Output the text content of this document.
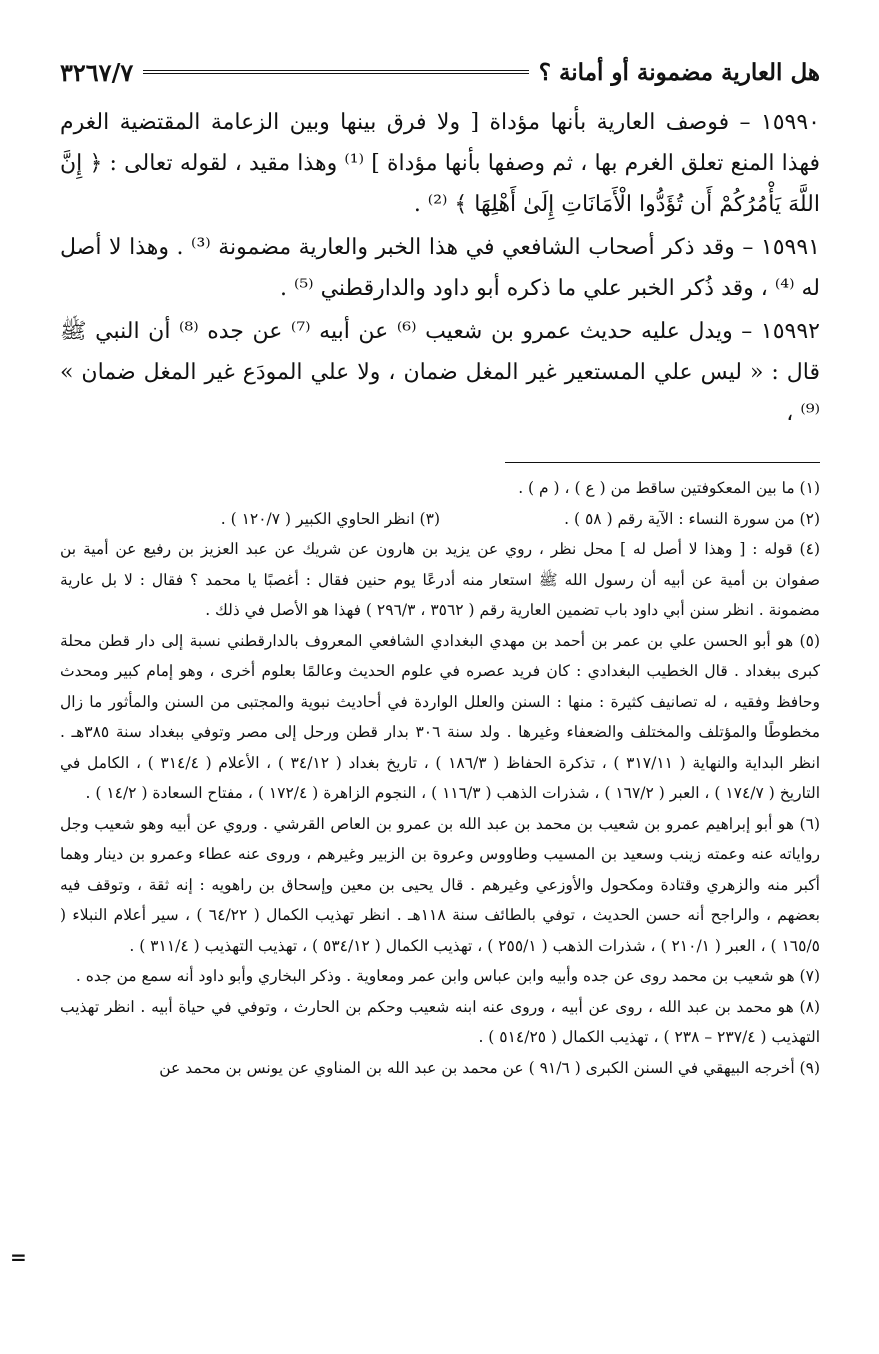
هل العارية مضمونة أو أمانة ؟
٣٢٦٧/٧

١٥٩٩٠ – فوصف العارية بأنها مؤداة [ ولا فرق بينها وبين الزعامة المقتضية الغرم فهذا المنع تعلق الغرم بها ، ثم وصفها بأنها مؤداة ] ⁽¹⁾ وهذا مقيد ، لقوله تعالى : ﴿ إِنَّ اللَّهَ يَأْمُرُكُمْ أَن تُؤَدُّوا الْأَمَانَاتِ إِلَىٰ أَهْلِهَا ﴾ ⁽²⁾ .

١٥٩٩١ – وقد ذكر أصحاب الشافعي في هذا الخبر والعارية مضمونة ⁽³⁾ . وهذا لا أصل له ⁽⁴⁾ ، وقد ذُكر الخبر علي ما ذكره أبو داود والدارقطني ⁽⁵⁾ .

١٥٩٩٢ – ويدل عليه حديث عمرو بن شعيب ⁽⁶⁾ عن أبيه ⁽⁷⁾ عن جده ⁽⁸⁾ أن النبي ﷺ قال : « ليس علي المستعير غير المغل ضمان ، ولا علي المودَع غير المغل ضمان » ⁽⁹⁾ ،

(١) ما بين المعكوفتين ساقط من ( ع ) ، ( م ) .

(٢) من سورة النساء : الآية رقم ( ٥٨ ) .

(٣) انظر الحاوي الكبير ( ١٢٠/٧ ) .

(٤) قوله : [ وهذا لا أصل له ] محل نظر ، روي عن يزيد بن هارون عن شريك عن عبد العزيز بن رفيع عن أمية بن صفوان بن أمية عن أبيه أن رسول الله ﷺ استعار منه أدرعًا يوم حنين فقال : أغصبًا يا محمد ؟ فقال : لا بل عارية مضمونة . انظر سنن أبي داود باب تضمين العارية رقم ( ٣٥٦٢ ، ٢٩٦/٣ ) فهذا هو الأصل في ذلك .

(٥) هو أبو الحسن علي بن عمر بن أحمد بن مهدي البغدادي الشافعي المعروف بالدارقطني نسبة إلى دار قطن محلة كبرى ببغداد . قال الخطيب البغدادي : كان فريد عصره في علوم الحديث وعالمًا بعلوم أخرى ، وهو إمام كبير ومحدث وحافظ وفقيه ، له تصانيف كثيرة : منها : السنن والعلل الواردة في أحاديث نبوية والمجتبى من السنن والمأثور ما زال مخطوطًا والمؤتلف والمختلف والضعفاء وغيرها . ولد سنة ٣٠٦ بدار قطن ورحل إلى مصر وتوفي ببغداد سنة ٣٨٥هـ . انظر البداية والنهاية ( ٣١٧/١١ ) ، تذكرة الحفاظ ( ١٨٦/٣ ) ، تاريخ بغداد ( ٣٤/١٢ ) ، الأعلام ( ٣١٤/٤ ) ، الكامل في التاريخ ( ١٧٤/٧ ) ، العبر ( ١٦٧/٢ ) ، شذرات الذهب ( ١١٦/٣ ) ، النجوم الزاهرة ( ١٧٢/٤ ) ، مفتاح السعادة ( ١٤/٢ ) .

(٦) هو أبو إبراهيم عمرو بن شعيب بن محمد بن عبد الله بن عمرو بن العاص القرشي . وروي عن أبيه وهو شعيب وجل رواياته عنه وعمته زينب وسعيد بن المسيب وطاووس وعروة بن الزبير وغيرهم ، وروى عنه عطاء وعمرو بن دينار وهما أكبر منه والزهري وقتادة ومكحول والأوزعي وغيرهم . قال يحيى بن معين وإسحاق بن راهويه : إنه ثقة ، وتوقف فيه بعضهم ، والراجح أنه حسن الحديث ، توفي بالطائف سنة ١١٨هـ . انظر تهذيب الكمال ( ٦٤/٢٢ ) ، سير أعلام النبلاء ( ١٦٥/٥ ) ، العبر ( ٢١٠/١ ) ، شذرات الذهب ( ٢٥٥/١ ) ، تهذيب الكمال ( ٥٣٤/١٢ ) ، تهذيب التهذيب ( ٣١١/٤ ) .

(٧) هو شعيب بن محمد روى عن جده وأبيه وابن عباس وابن عمر ومعاوية . وذكر البخاري وأبو داود أنه سمع من جده .

(٨) هو محمد بن عبد الله ، روى عن أبيه ، وروى عنه ابنه شعيب وحكم بن الحارث ، وتوفي في حياة أبيه . انظر تهذيب التهذيب ( ٢٣٧/٤ – ٢٣٨ ) ، تهذيب الكمال ( ٥١٤/٢٥ ) .

(٩) أخرجه البيهقي في السنن الكبرى ( ٩١/٦ ) عن محمد بن عبد الله بن المناوي عن يونس بن محمد عن

=
